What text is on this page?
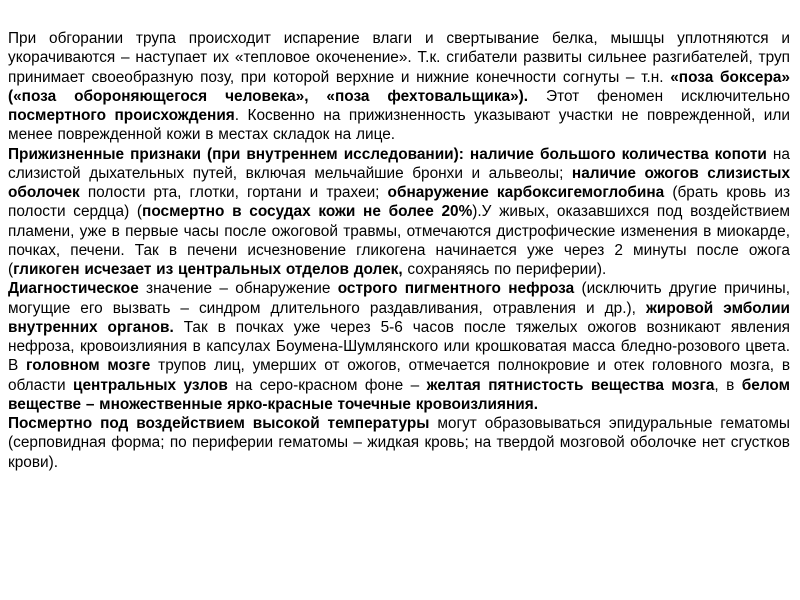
При обгорании трупа происходит испарение влаги и свертывание белка, мышцы уплотняются и укорачиваются – наступает их «тепловое окоченение». Т.к. сгибатели развиты сильнее разгибателей, труп принимает своеобразную позу, при которой верхние и нижние конечности согнуты – т.н. «поза боксера» («поза обороняющегося человека», «поза фехтовальщика»). Этот феномен исключительно посмертного происхождения. Косвенно на прижизненность указывают участки не поврежденной, или менее поврежденной кожи в местах складок на лице.

Прижизненные признаки (при внутреннем исследовании): наличие большого количества копоти на слизистой дыхательных путей, включая мельчайшие бронхи и альвеолы; наличие ожогов слизистых оболочек полости рта, глотки, гортани и трахеи; обнаружение карбоксигемоглобина (брать кровь из полости сердца) (посмертно в сосудах кожи не более 20%).У живых, оказавшихся под воздействием пламени, уже в первые часы после ожоговой травмы, отмечаются дистрофические изменения в миокарде, почках, печени. Так в печени исчезновение гликогена начинается уже через 2 минуты после ожога (гликоген исчезает из центральных отделов долек, сохраняясь по периферии).

Диагностическое значение – обнаружение острого пигментного нефроза (исключить другие причины, могущие его вызвать – синдром длительного раздавливания, отравления и др.), жировой эмболии внутренних органов. Так в почках уже через 5-6 часов после тяжелых ожогов возникают явления нефроза, кровоизлияния в капсулах Боумена-Шумлянского или крошковатая масса бледно-розового цвета. В головном мозге трупов лиц, умерших от ожогов, отмечается полнокровие и отек головного мозга, в области центральных узлов на серо-красном фоне – желтая пятнистость вещества мозга, в белом веществе – множественные ярко-красные точечные кровоизлияния.

Посмертно под воздействием высокой температуры могут образовываться эпидуральные гематомы (серповидная форма; по периферии гематомы – жидкая кровь; на твердой мозговой оболочке нет сгустков крови).
